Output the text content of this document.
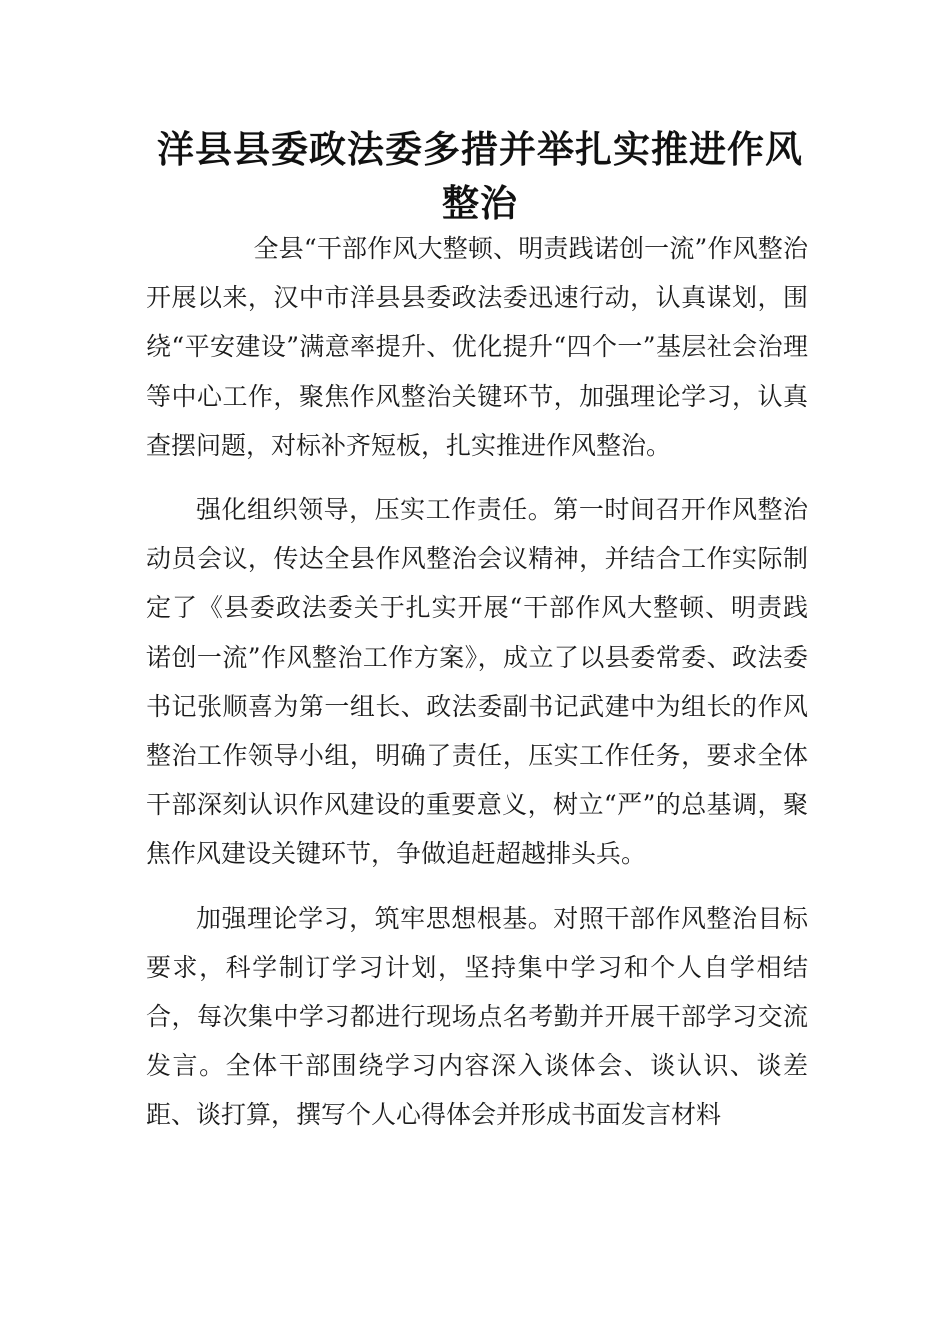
洋县县委政法委多措并举扎实推进作风整治

全县“干部作风大整顿、明责践诺创一流”作风整治开展以来，汉中市洋县县委政法委迅速行动，认真谋划，围绕“平安建设”满意率提升、优化提升“四个一”基层社会治理等中心工作，聚焦作风整治关键环节，加强理论学习，认真查摆问题，对标补齐短板，扎实推进作风整治。

强化组织领导，压实工作责任。第一时间召开作风整治动员会议，传达全县作风整治会议精神，并结合工作实际制定了《县委政法委关于扎实开展“干部作风大整顿、明责践诺创一流”作风整治工作方案》，成立了以县委常委、政法委书记张顺喜为第一组长、政法委副书记武建中为组长的作风整治工作领导小组，明确了责任，压实工作任务，要求全体干部深刻认识作风建设的重要意义，树立“严”的总基调，聚焦作风建设关键环节，争做追赶超越排头兵。

加强理论学习，筑牢思想根基。对照干部作风整治目标要求，科学制订学习计划，坚持集中学习和个人自学相结合，每次集中学习都进行现场点名考勤并开展干部学习交流发言。全体干部围绕学习内容深入谈体会、谈认识、谈差距、谈打算，撰写个人心得体会并形成书面发言材料
